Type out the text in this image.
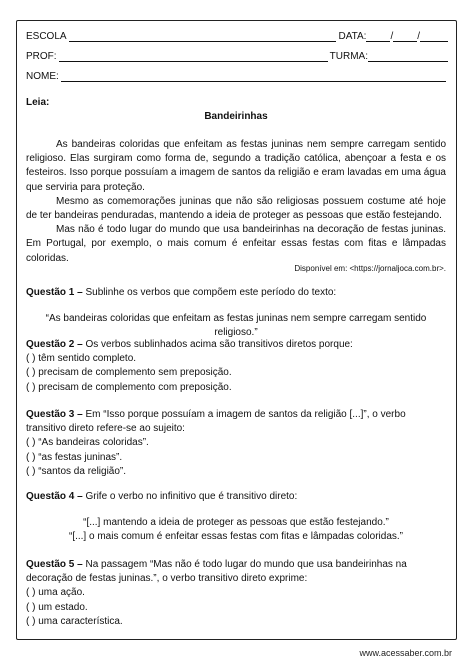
ESCOLA	DATA: / /
PROF:	TURMA:
NOME:
Leia:
Bandeirinhas
As bandeiras coloridas que enfeitam as festas juninas nem sempre carregam sentido religioso. Elas surgiram como forma de, segundo a tradição católica, abençoar a festa e os festeiros. Isso porque possuíam a imagem de santos da religião e eram lavadas em uma água que serviria para proteção.
Mesmo as comemorações juninas que não são religiosas possuem costume até hoje de ter bandeiras penduradas, mantendo a ideia de proteger as pessoas que estão festejando.
Mas não é todo lugar do mundo que usa bandeirinhas na decoração de festas juninas. Em Portugal, por exemplo, o mais comum é enfeitar essas festas com fitas e lâmpadas coloridas.
Disponível em: <https://jornaljoca.com.br>.
Questão 1 – Sublinhe os verbos que compõem este período do texto:
“As bandeiras coloridas que enfeitam as festas juninas nem sempre carregam sentido religioso.”
Questão 2 – Os verbos sublinhados acima são transitivos diretos porque:
( ) têm sentido completo.
( ) precisam de complemento sem preposição.
( ) precisam de complemento com preposição.
Questão 3 – Em “Isso porque possuíam a imagem de santos da religião [...]”, o verbo transitivo direto refere-se ao sujeito:
( ) “As bandeiras coloridas”.
( ) “as festas juninas”.
( ) “santos da religião”.
Questão 4 – Grife o verbo no infinitivo que é transitivo direto:
“[...] mantendo a ideia de proteger as pessoas que estão festejando.”
“[...] o mais comum é enfeitar essas festas com fitas e lâmpadas coloridas.”
Questão 5 – Na passagem “Mas não é todo lugar do mundo que usa bandeirinhas na decoração de festas juninas.”, o verbo transitivo direto exprime:
( ) uma ação.
( ) um estado.
( ) uma característica.
www.acessaber.com.br
